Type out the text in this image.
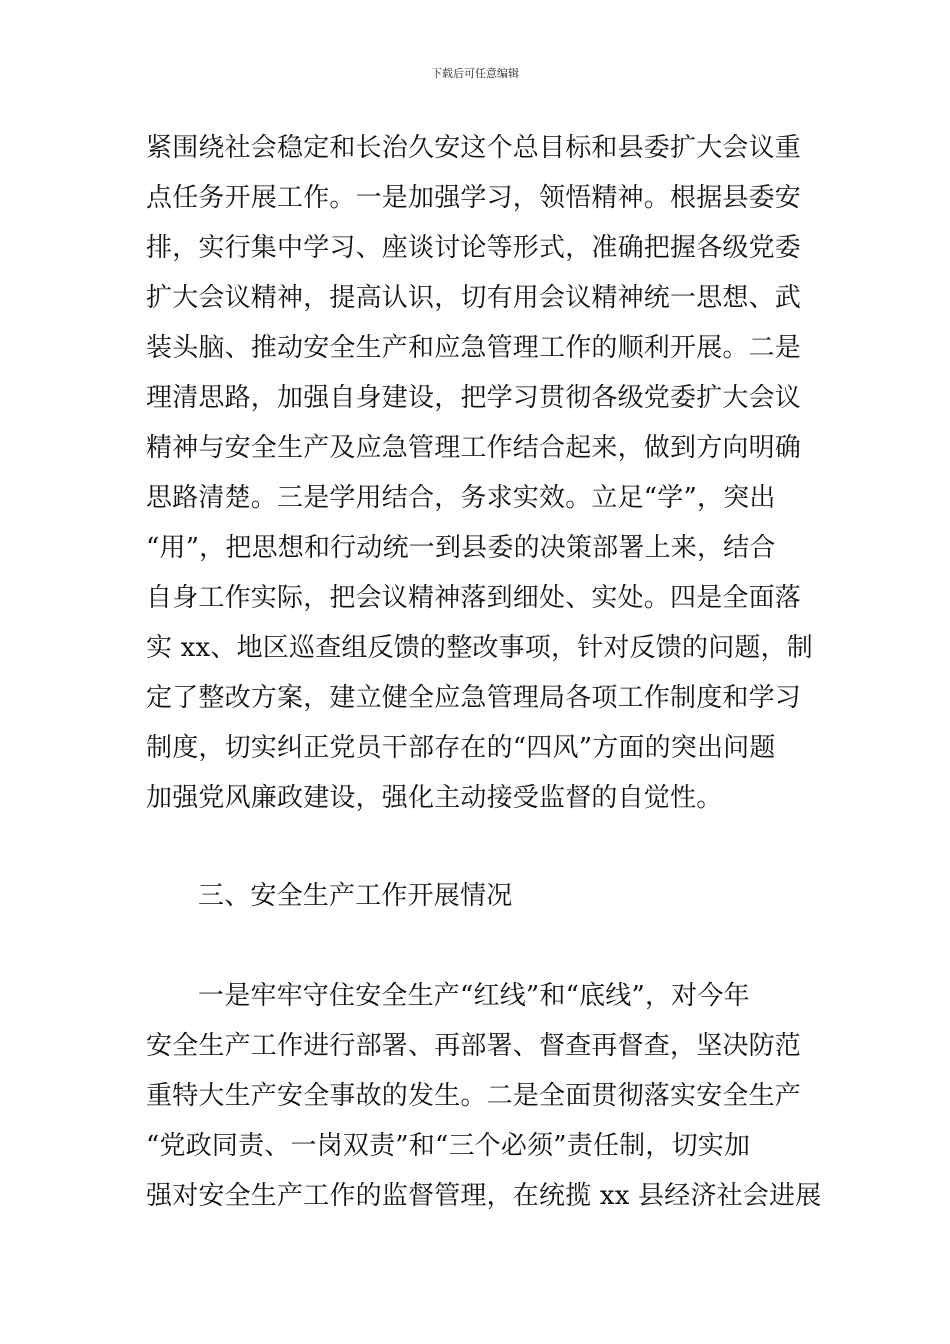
下载后可任意编辑
紧围绕社会稳定和长治久安这个总目标和县委扩大会议重
点任务开展工作。一是加强学习，领悟精神。根据县委安
排，实行集中学习、座谈讨论等形式，准确把握各级党委
扩大会议精神，提高认识，切有用会议精神统一思想、武
装头脑、推动安全生产和应急管理工作的顺利开展。二是
理清思路，加强自身建设，把学习贯彻各级党委扩大会议
精神与安全生产及应急管理工作结合起来，做到方向明确
思路清楚。三是学用结合，务求实效。立足“学”，突出
“用”，把思想和行动统一到县委的决策部署上来，结合
自身工作实际，把会议精神落到细处、实处。四是全面落
实 xx、地区巡查组反馈的整改事项，针对反馈的问题，制
定了整改方案，建立健全应急管理局各项工作制度和学习
制度，切实纠正党员干部存在的“四风”方面的突出问题
加强党风廉政建设，强化主动接受监督的自觉性。
三、安全生产工作开展情况
一是牢牢守住安全生产“红线”和“底线”，对今年
安全生产工作进行部署、再部署、督查再督查，坚决防范
重特大生产安全事故的发生。二是全面贯彻落实安全生产
“党政同责、一岗双责”和“三个必须”责任制，切实加
强对安全生产工作的监督管理，在统揽 xx 县经济社会进展
